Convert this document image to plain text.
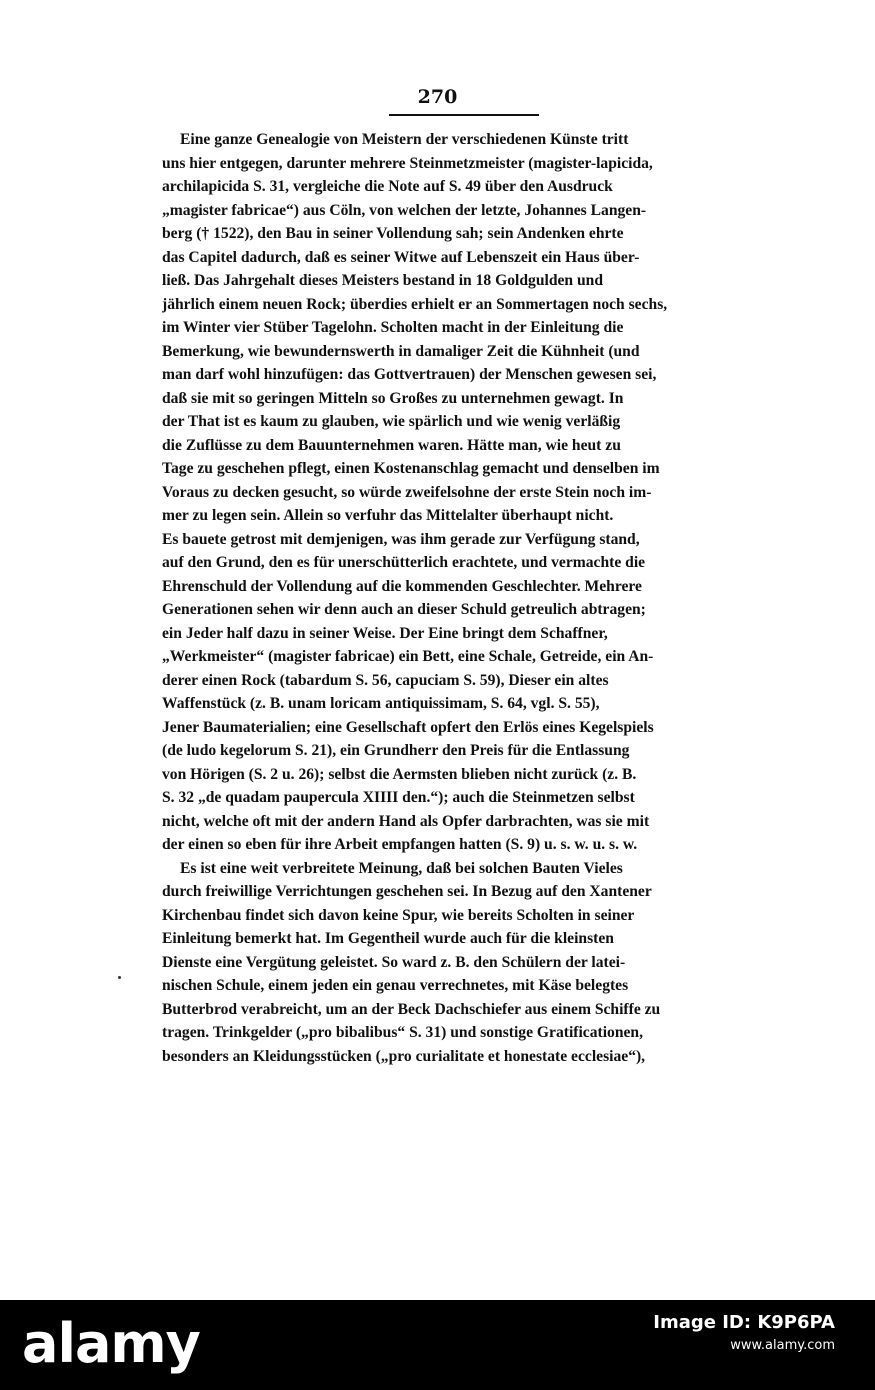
270
Eine ganze Genealogie von Meistern der verschiedenen Künste tritt
uns hier entgegen, darunter mehrere Steinmetzmeister (magister-lapicida,
archilapicida S. 31, vergleiche die Note auf S. 49 über den Ausdruck
„magister fabricae“) aus Cöln, von welchen der letzte, Johannes Langen-
berg († 1522), den Bau in seiner Vollendung sah; sein Andenken ehrte
das Capitel dadurch, daß es seiner Witwe auf Lebenszeit ein Haus über-
ließ. Das Jahrgehalt dieses Meisters bestand in 18 Goldgulden und
jährlich einem neuen Rock; überdies erhielt er an Sommertagen noch sechs,
im Winter vier Stüber Tagelohn. Scholten macht in der Einleitung die
Bemerkung, wie bewundernswerth in damaliger Zeit die Kühnheit (und
man darf wohl hinzufügen: das Gottvertrauen) der Menschen gewesen sei,
daß sie mit so geringen Mitteln so Großes zu unternehmen gewagt. In
der That ist es kaum zu glauben, wie spärlich und wie wenig verläßig
die Zuflüsse zu dem Bauunternehmen waren. Hätte man, wie heut zu
Tage zu geschehen pflegt, einen Kostenanschlag gemacht und denselben im
Voraus zu decken gesucht, so würde zweifelsohne der erste Stein noch im-
mer zu legen sein. Allein so verfuhr das Mittelalter überhaupt nicht.
Es bauete getrost mit demjenigen, was ihm gerade zur Verfügung stand,
auf den Grund, den es für unerschütterlich erachtete, und vermachte die
Ehrenschuld der Vollendung auf die kommenden Geschlechter. Mehrere
Generationen sehen wir denn auch an dieser Schuld getreulich abtragen;
ein Jeder half dazu in seiner Weise. Der Eine bringt dem Schaffner,
„Werkmeister“ (magister fabricae) ein Bett, eine Schale, Getreide, ein An-
derer einen Rock (tabardum S. 56, capuciam S. 59), Dieser ein altes
Waffenstück (z. B. unam loricam antiquissimam, S. 64, vgl. S. 55),
Jener Baumaterialien; eine Gesellschaft opfert den Erlös eines Kegelspiels
(de ludo kegelorum S. 21), ein Grundherr den Preis für die Entlassung
von Hörigen (S. 2 u. 26); selbst die Aermsten blieben nicht zurück (z. B.
S. 32 „de quadam paupercula XIIII den.“); auch die Steinmetzen selbst
nicht, welche oft mit der andern Hand als Opfer darbrachten, was sie mit
der einen so eben für ihre Arbeit empfangen hatten (S. 9) u. s. w. u. s. w.
Es ist eine weit verbreitete Meinung, daß bei solchen Bauten Vieles
durch freiwillige Verrichtungen geschehen sei. In Bezug auf den Xantener
Kirchenbau findet sich davon keine Spur, wie bereits Scholten in seiner
Einleitung bemerkt hat. Im Gegentheil wurde auch für die kleinsten
Dienste eine Vergütung geleistet. So ward z. B. den Schülern der latei-
nischen Schule, einem jeden ein genau verrechnetes, mit Käse belegtes
Butterbrod verabreicht, um an der Beck Dachschiefer aus einem Schiffe zu
tragen. Trinkgelder („pro bibalibus“ S. 31) und sonstige Gratificationen,
besonders an Kleidungsstücken („pro curialitate et honestate ecclesiae“),
alamy	Image ID: K9P6PA
www.alamy.com
